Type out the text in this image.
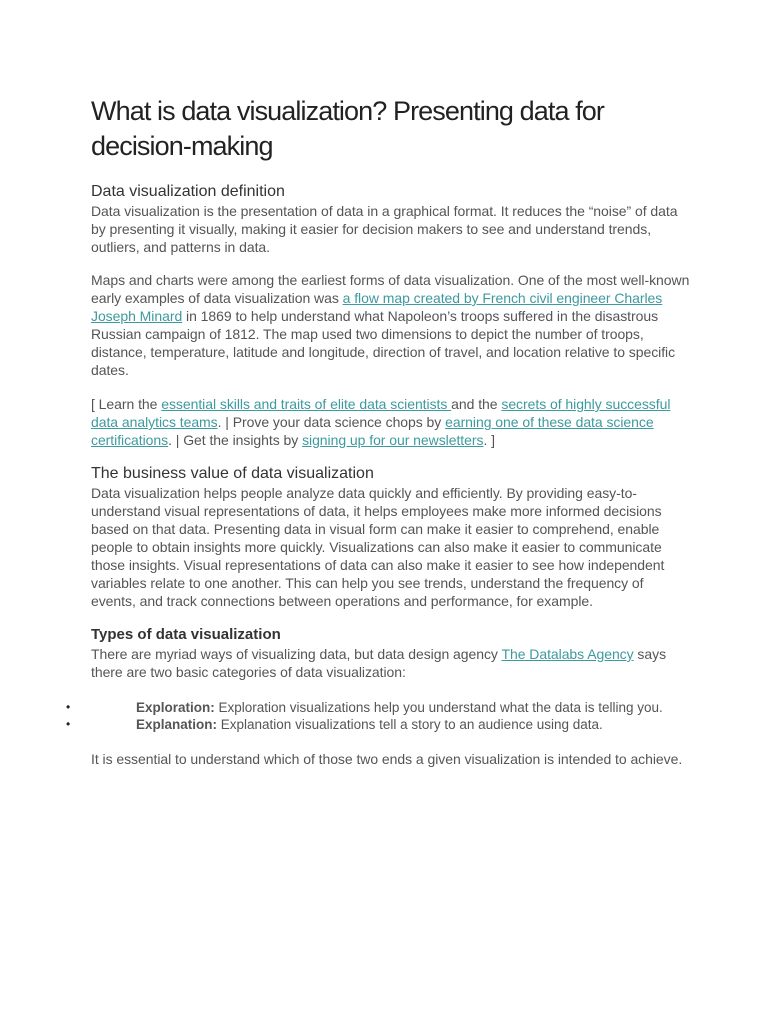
What is data visualization? Presenting data for decision-making
Data visualization definition

Data visualization is the presentation of data in a graphical format. It reduces the “noise” of data by presenting it visually, making it easier for decision makers to see and understand trends, outliers, and patterns in data.

Maps and charts were among the earliest forms of data visualization. One of the most well-known early examples of data visualization was a flow map created by French civil engineer Charles Joseph Minard in 1869 to help understand what Napoleon’s troops suffered in the disastrous Russian campaign of 1812. The map used two dimensions to depict the number of troops, distance, temperature, latitude and longitude, direction of travel, and location relative to specific dates.

[ Learn the essential skills and traits of elite data scientists and the secrets of highly successful data analytics teams. | Prove your data science chops by earning one of these data science certifications. | Get the insights by signing up for our newsletters. ]

The business value of data visualization

Data visualization helps people analyze data quickly and efficiently. By providing easy-to-understand visual representations of data, it helps employees make more informed decisions based on that data. Presenting data in visual form can make it easier to comprehend, enable people to obtain insights more quickly. Visualizations can also make it easier to communicate those insights. Visual representations of data can also make it easier to see how independent variables relate to one another. This can help you see trends, understand the frequency of events, and track connections between operations and performance, for example.

Types of data visualization

There are myriad ways of visualizing data, but data design agency The Datalabs Agency says there are two basic categories of data visualization:

•	Exploration: Exploration visualizations help you understand what the data is telling you.
•	Explanation: Explanation visualizations tell a story to an audience using data.

It is essential to understand which of those two ends a given visualization is intended to achieve.
